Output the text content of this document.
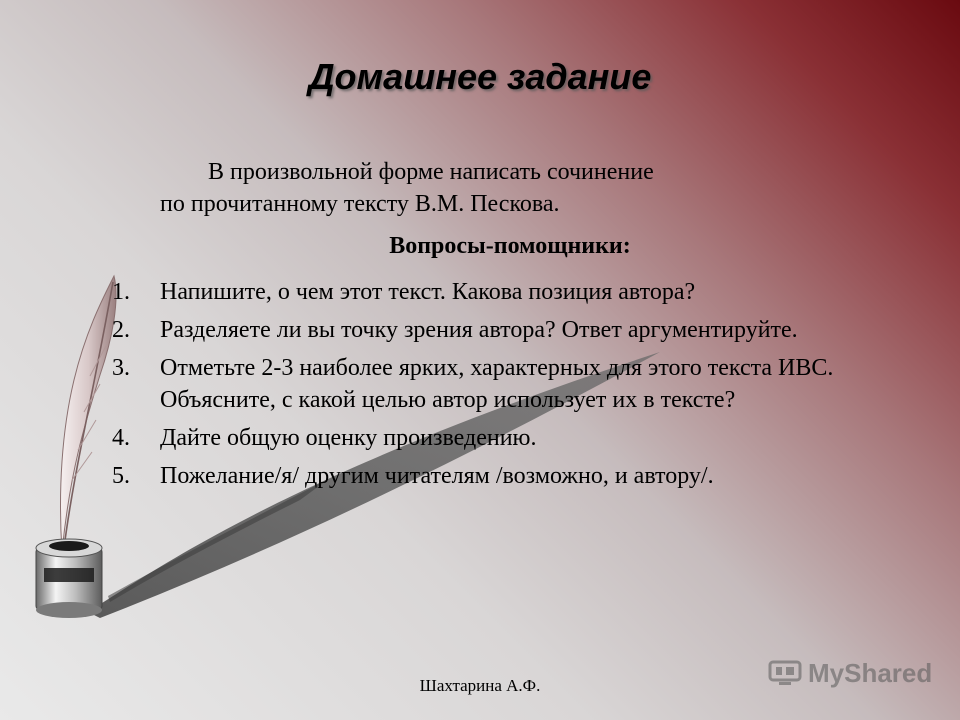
Домашнее задание
В произвольной форме написать сочинение
по прочитанному тексту В.М. Пескова.
Вопросы-помощники:
1. Напишите, о чем этот текст. Какова позиция автора?
2. Разделяете ли вы точку зрения автора? Ответ аргументируйте.
3. Отметьте 2-3 наиболее ярких, характерных для этого текста ИВС. Объясните, с какой целью автор использует их в тексте?
4. Дайте общую оценку произведению.
5. Пожелание/я/ другим читателям /возможно, и автору/.
Шахтарина А.Ф.	MyShared
